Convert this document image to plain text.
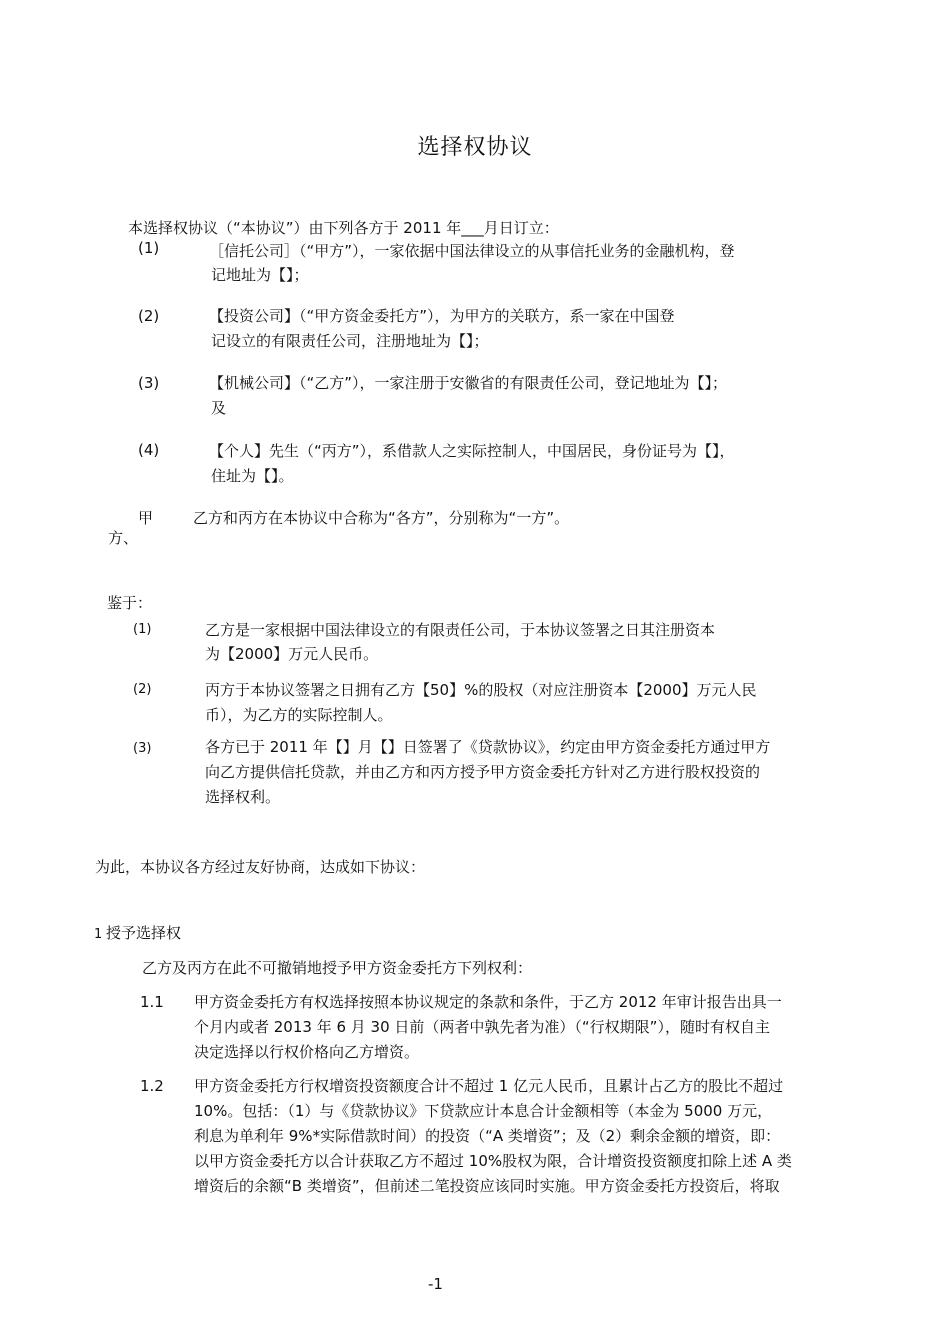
选择权协议
本选择权协议（“本协议”）由下列各方于 2011 年___月日订立：
(1)	［信托公司］（“甲方”），一家依据中国法律设立的从事信托业务的金融机构，登
记地址为【】；
(2)	【投资公司】（“甲方资金委托方”），为甲方的关联方，系一家在中国登
记设立的有限责任公司，注册地址为【】；
(3)	【机械公司】（“乙方”），一家注册于安徽省的有限责任公司，登记地址为【】；
及
(4)	【个人】先生（“丙方”），系借款人之实际控制人，中国居民，身份证号为【】，
住址为【】。
甲
方、
乙方和丙方在本协议中合称为“各方”，分别称为“一方”。
鉴于：
(1)	乙方是一家根据中国法律设立的有限责任公司，于本协议签署之日其注册资本
为【2000】万元人民币。
(2)	丙方于本协议签署之日拥有乙方【50】%的股权（对应注册资本【2000】万元人民
币），为乙方的实际控制人。
(3)	各方已于 2011 年【】月【】日签署了《贷款协议》，约定由甲方资金委托方通过甲方
向乙方提供信托贷款，并由乙方和丙方授予甲方资金委托方针对乙方进行股权投资的
选择权利。
为此，本协议各方经过友好协商，达成如下协议：
1 授予选择权
乙方及丙方在此不可撤销地授予甲方资金委托方下列权利：
1.1 甲方资金委托方有权选择按照本协议规定的条款和条件，于乙方 2012 年审计报告出具一
个月内或者 2013 年 6 月 30 日前（两者中孰先者为准）（“行权期限”），随时有权自主
决定选择以行权价格向乙方增资。
1.2 甲方资金委托方行权增资投资额度合计不超过 1 亿元人民币，且累计占乙方的股比不超过
10%。包括：（1）与《贷款协议》下贷款应计本息合计金额相等（本金为 5000 万元，
利息为单利年 9%*实际借款时间）的投资（“A 类增资”；及（2）剩余金额的增资，即：
以甲方资金委托方以合计获取乙方不超过 10%股权为限，合计增资投资额度扣除上述 A 类
增资后的余额“B 类增资”，但前述二笔投资应该同时实施。甲方资金委托方投资后，将取
-1
